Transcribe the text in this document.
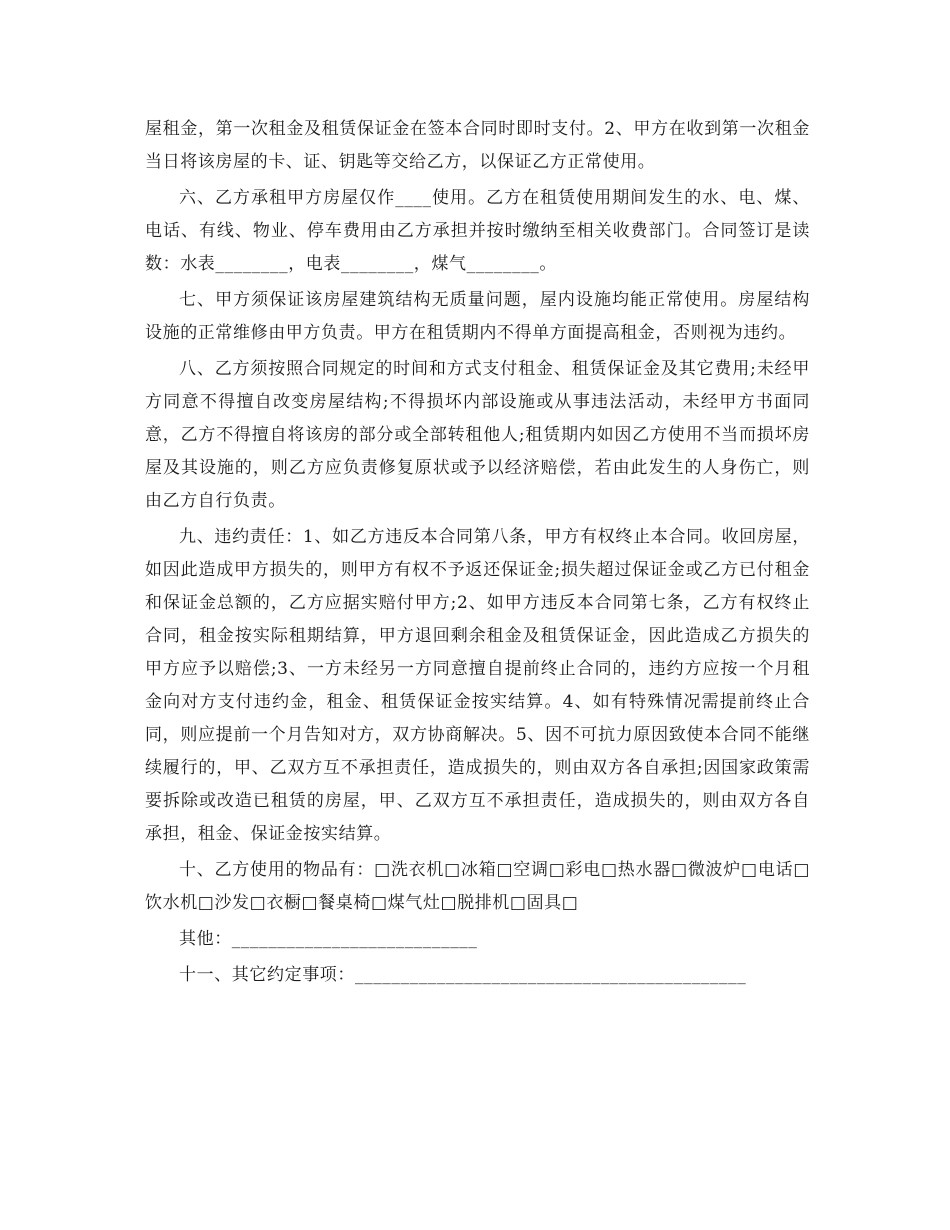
屋租金，第一次租金及租赁保证金在签本合同时即时支付。2、甲方在收到第一次租金当日将该房屋的卡、证、钥匙等交给乙方，以保证乙方正常使用。

六、乙方承租甲方房屋仅作____使用。乙方在租赁使用期间发生的水、电、煤、电话、有线、物业、停车费用由乙方承担并按时缴纳至相关收费部门。合同签订是读数：水表________，电表________，煤气________。

七、甲方须保证该房屋建筑结构无质量问题，屋内设施均能正常使用。房屋结构设施的正常维修由甲方负责。甲方在租赁期内不得单方面提高租金，否则视为违约。

八、乙方须按照合同规定的时间和方式支付租金、租赁保证金及其它费用;未经甲方同意不得擅自改变房屋结构;不得损坏内部设施或从事违法活动，未经甲方书面同意，乙方不得擅自将该房的部分或全部转租他人;租赁期内如因乙方使用不当而损坏房屋及其设施的，则乙方应负责修复原状或予以经济赔偿，若由此发生的人身伤亡，则由乙方自行负责。

九、违约责任：1、如乙方违反本合同第八条，甲方有权终止本合同。收回房屋，如因此造成甲方损失的，则甲方有权不予返还保证金;损失超过保证金或乙方已付租金和保证金总额的，乙方应据实赔付甲方;2、如甲方违反本合同第七条，乙方有权终止合同，租金按实际租期结算，甲方退回剩余租金及租赁保证金，因此造成乙方损失的甲方应予以赔偿;3、一方未经另一方同意擅自提前终止合同的，违约方应按一个月租金向对方支付违约金，租金、租赁保证金按实结算。4、如有特殊情况需提前终止合同，则应提前一个月告知对方，双方协商解决。5、因不可抗力原因致使本合同不能继续履行的，甲、乙双方互不承担责任，造成损失的，则由双方各自承担;因国家政策需要拆除或改造已租赁的房屋，甲、乙双方互不承担责任，造成损失的，则由双方各自承担，租金、保证金按实结算。

十、乙方使用的物品有：□洗衣机□冰箱□空调□彩电□热水器□微波炉□电话□饮水机□沙发□衣橱□餐桌椅□煤气灶□脱排机□固具□

其他：___________________________

十一、其它约定事项：___________________________________________
